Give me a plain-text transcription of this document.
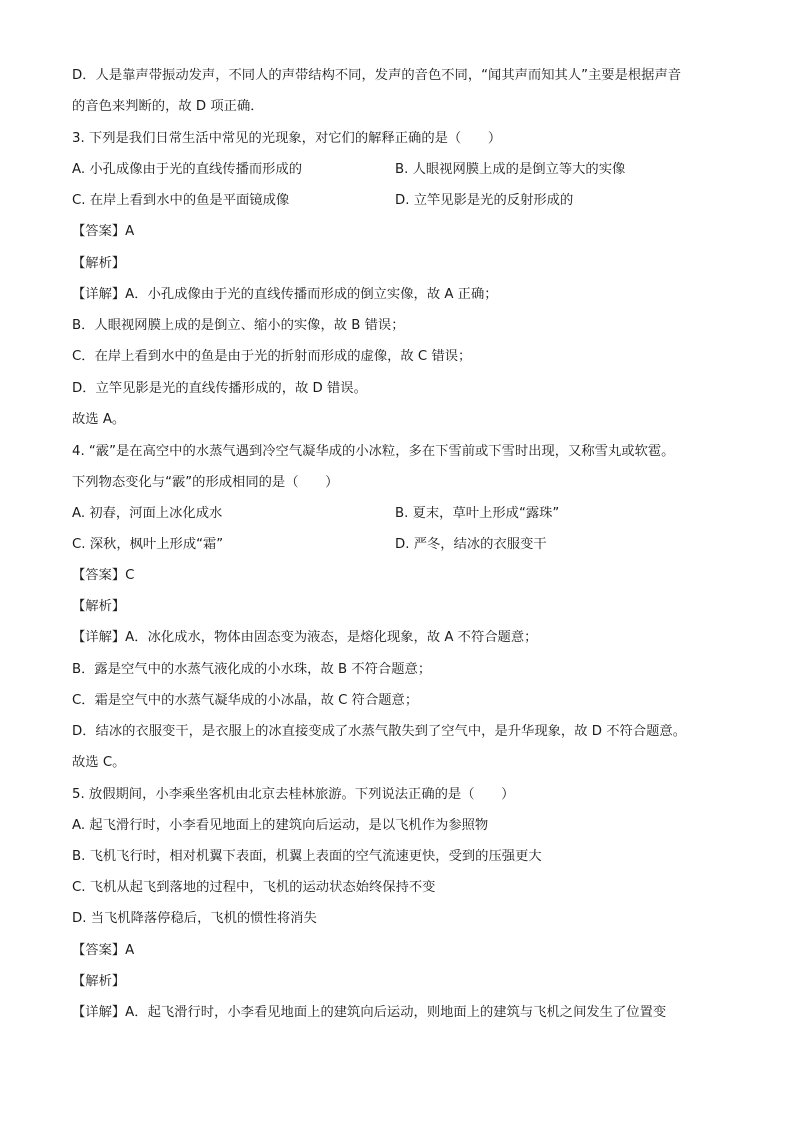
D．人是靠声带振动发声，不同人的声带结构不同，发声的音色不同，“闻其声而知其人”主要是根据声音
的音色来判断的，故 D 项正确．
3. 下列是我们日常生活中常见的光现象，对它们的解释正确的是（　　）
A. 小孔成像由于光的直线传播而形成的	B. 人眼视网膜上成的是倒立等大的实像
C. 在岸上看到水中的鱼是平面镜成像	D. 立竿见影是光的反射形成的
【答案】A
【解析】
【详解】A．小孔成像由于光的直线传播而形成的倒立实像，故 A 正确；
B．人眼视网膜上成的是倒立、缩小的实像，故 B 错误；
C．在岸上看到水中的鱼是由于光的折射而形成的虚像，故 C 错误；
D．立竿见影是光的直线传播形成的，故 D 错误。
故选 A。
4. “霰”是在高空中的水蒸气遇到冷空气凝华成的小冰粒，多在下雪前或下雪时出现，又称雪丸或软雹。
下列物态变化与“霰”的形成相同的是（　　）
A. 初春，河面上冰化成水	B. 夏末，草叶上形成“露珠”
C. 深秋，枫叶上形成“霜”	D. 严冬，结冰的衣服变干
【答案】C
【解析】
【详解】A．冰化成水，物体由固态变为液态，是熔化现象，故 A 不符合题意；
B．露是空气中的水蒸气液化成的小水珠，故 B 不符合题意；
C．霜是空气中的水蒸气凝华成的小冰晶，故 C 符合题意；
D．结冰的衣服变干，是衣服上的冰直接变成了水蒸气散失到了空气中，是升华现象，故 D 不符合题意。
故选 C。
5. 放假期间，小李乘坐客机由北京去桂林旅游。下列说法正确的是（　　）
A. 起飞滑行时，小李看见地面上的建筑向后运动，是以飞机作为参照物
B. 飞机飞行时，相对机翼下表面，机翼上表面的空气流速更快，受到的压强更大
C. 飞机从起飞到落地的过程中，飞机的运动状态始终保持不变
D. 当飞机降落停稳后，飞机的惯性将消失
【答案】A
【解析】
【详解】A．起飞滑行时，小李看见地面上的建筑向后运动，则地面上的建筑与飞机之间发生了位置变
